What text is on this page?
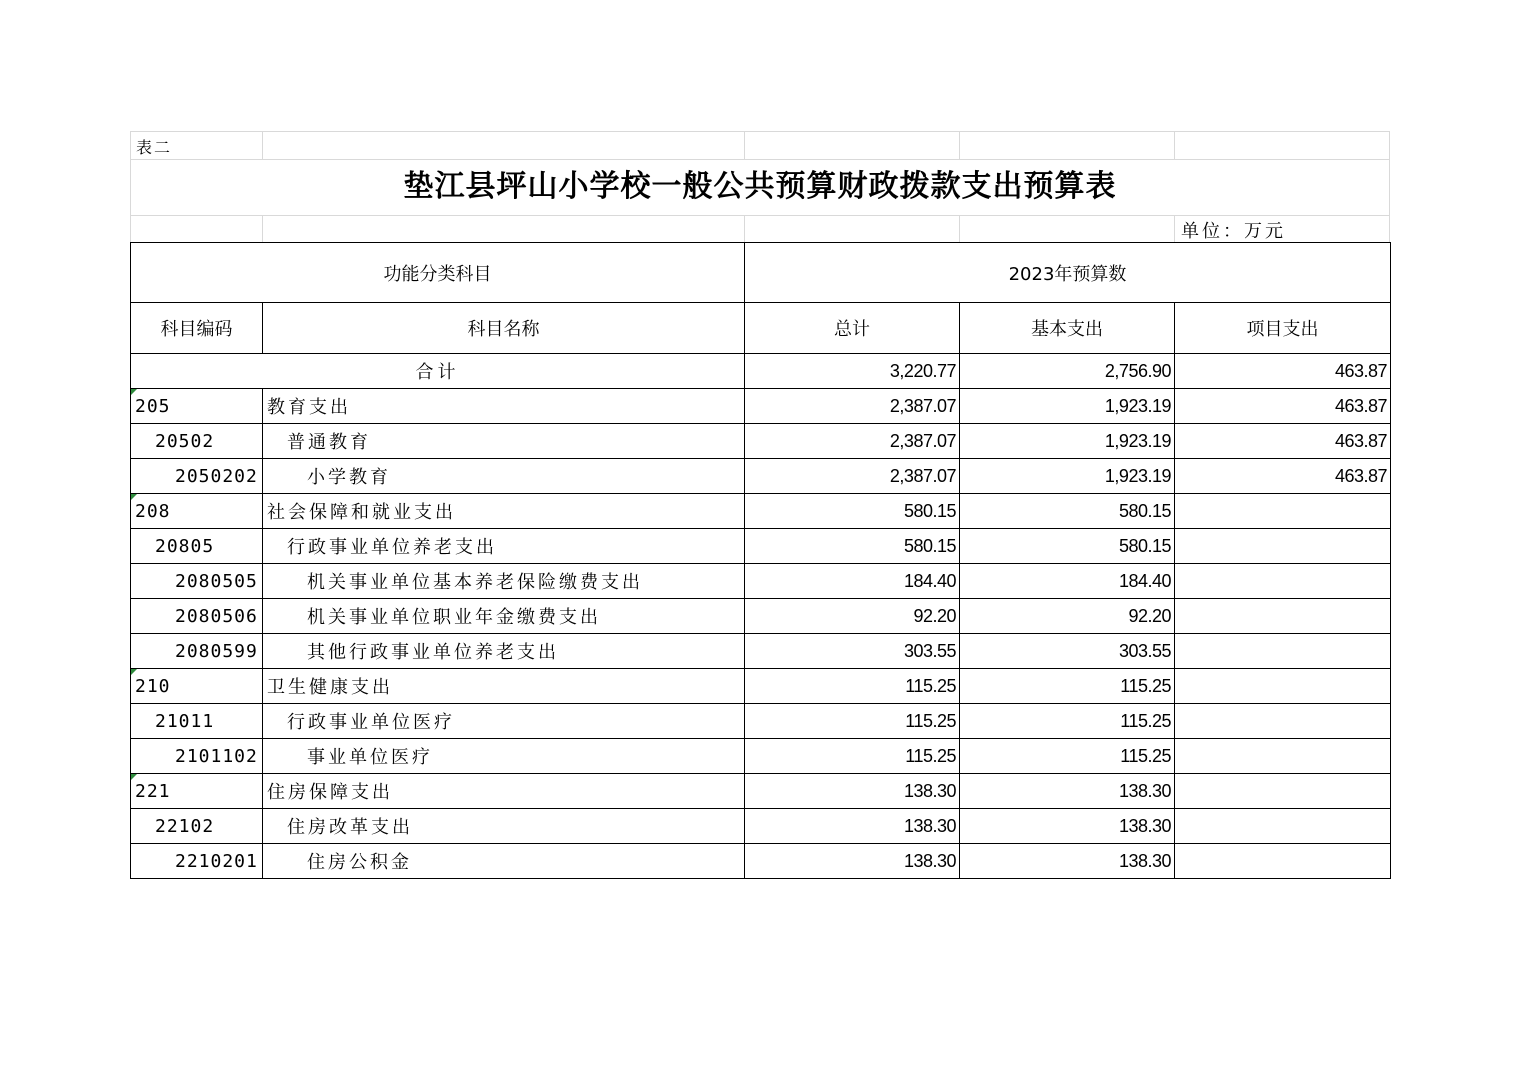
表二
垫江县坪山小学校一般公共预算财政拨款支出预算表
单位：万元
功能分类科目		2023年预算数		
科目编码	科目名称	总计	基本支出	项目支出
合计		3,220.77	2,756.90	463.87
205	教育支出	2,387.07	1,923.19	463.87
20502	普通教育	2,387.07	1,923.19	463.87
2050202	小学教育	2,387.07	1,923.19	463.87
208	社会保障和就业支出	580.15	580.15	
20805	行政事业单位养老支出	580.15	580.15	
2080505	机关事业单位基本养老保险缴费支出	184.40	184.40	
2080506	机关事业单位职业年金缴费支出	92.20	92.20	
2080599	其他行政事业单位养老支出	303.55	303.55	
210	卫生健康支出	115.25	115.25	
21011	行政事业单位医疗	115.25	115.25	
2101102	事业单位医疗	115.25	115.25	
221	住房保障支出	138.30	138.30	
22102	住房改革支出	138.30	138.30	
2210201	住房公积金	138.30	138.30	
